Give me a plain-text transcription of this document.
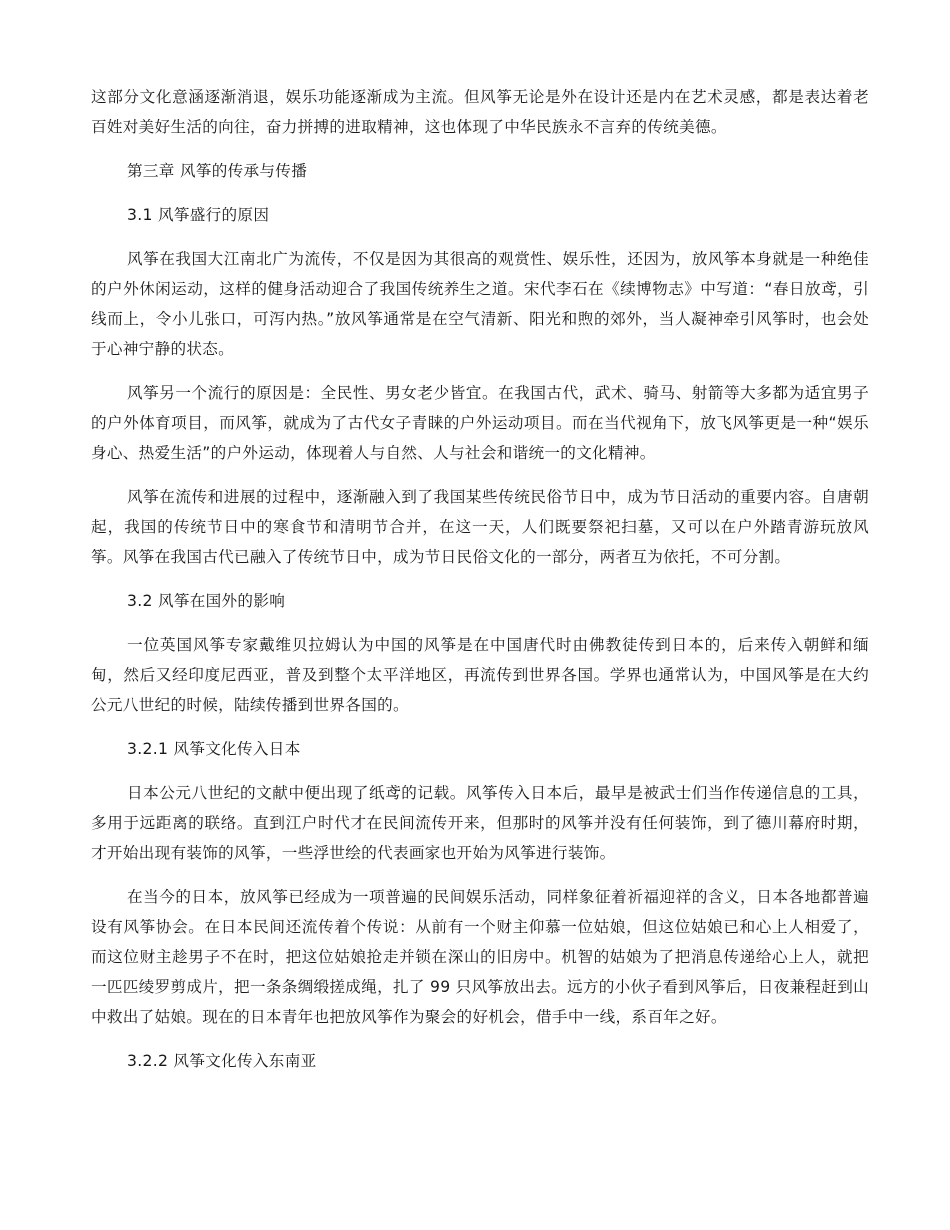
这部分文化意涵逐渐消退，娱乐功能逐渐成为主流。但风筝无论是外在设计还是内在艺术灵感，都是表达着老百姓对美好生活的向往，奋力拼搏的进取精神，这也体现了中华民族永不言弃的传统美德。

第三章 风筝的传承与传播

3.1 风筝盛行的原因

风筝在我国大江南北广为流传，不仅是因为其很高的观赏性、娱乐性，还因为，放风筝本身就是一种绝佳的户外休闲运动，这样的健身活动迎合了我国传统养生之道。宋代李石在《续博物志》中写道：“春日放鸢，引线而上，令小儿张口，可泻内热。”放风筝通常是在空气清新、阳光和煦的郊外，当人凝神牵引风筝时，也会处于心神宁静的状态。

风筝另一个流行的原因是：全民性、男女老少皆宜。在我国古代，武术、骑马、射箭等大多都为适宜男子的户外体育项目，而风筝，就成为了古代女子青睐的户外运动项目。而在当代视角下，放飞风筝更是一种“娱乐身心、热爱生活”的户外运动，体现着人与自然、人与社会和谐统一的文化精神。

风筝在流传和进展的过程中，逐渐融入到了我国某些传统民俗节日中，成为节日活动的重要内容。自唐朝起，我国的传统节日中的寒食节和清明节合并，在这一天，人们既要祭祀扫墓，又可以在户外踏青游玩放风筝。风筝在我国古代已融入了传统节日中，成为节日民俗文化的一部分，两者互为依托，不可分割。

3.2 风筝在国外的影响

一位英国风筝专家戴维贝拉姆认为中国的风筝是在中国唐代时由佛教徒传到日本的，后来传入朝鲜和缅甸，然后又经印度尼西亚，普及到整个太平洋地区，再流传到世界各国。学界也通常认为，中国风筝是在大约公元八世纪的时候，陆续传播到世界各国的。

3.2.1 风筝文化传入日本

日本公元八世纪的文献中便出现了纸鸢的记载。风筝传入日本后，最早是被武士们当作传递信息的工具，多用于远距离的联络。直到江户时代才在民间流传开来，但那时的风筝并没有任何装饰，到了德川幕府时期，才开始出现有装饰的风筝，一些浮世绘的代表画家也开始为风筝进行装饰。

在当今的日本，放风筝已经成为一项普遍的民间娱乐活动，同样象征着祈福迎祥的含义，日本各地都普遍设有风筝协会。在日本民间还流传着个传说：从前有一个财主仰慕一位姑娘，但这位姑娘已和心上人相爱了，而这位财主趁男子不在时，把这位姑娘抢走并锁在深山的旧房中。机智的姑娘为了把消息传递给心上人，就把一匹匹绫罗剪成片，把一条条绸缎搓成绳，扎了 99 只风筝放出去。远方的小伙子看到风筝后，日夜兼程赶到山中救出了姑娘。现在的日本青年也把放风筝作为聚会的好机会，借手中一线，系百年之好。

3.2.2 风筝文化传入东南亚
